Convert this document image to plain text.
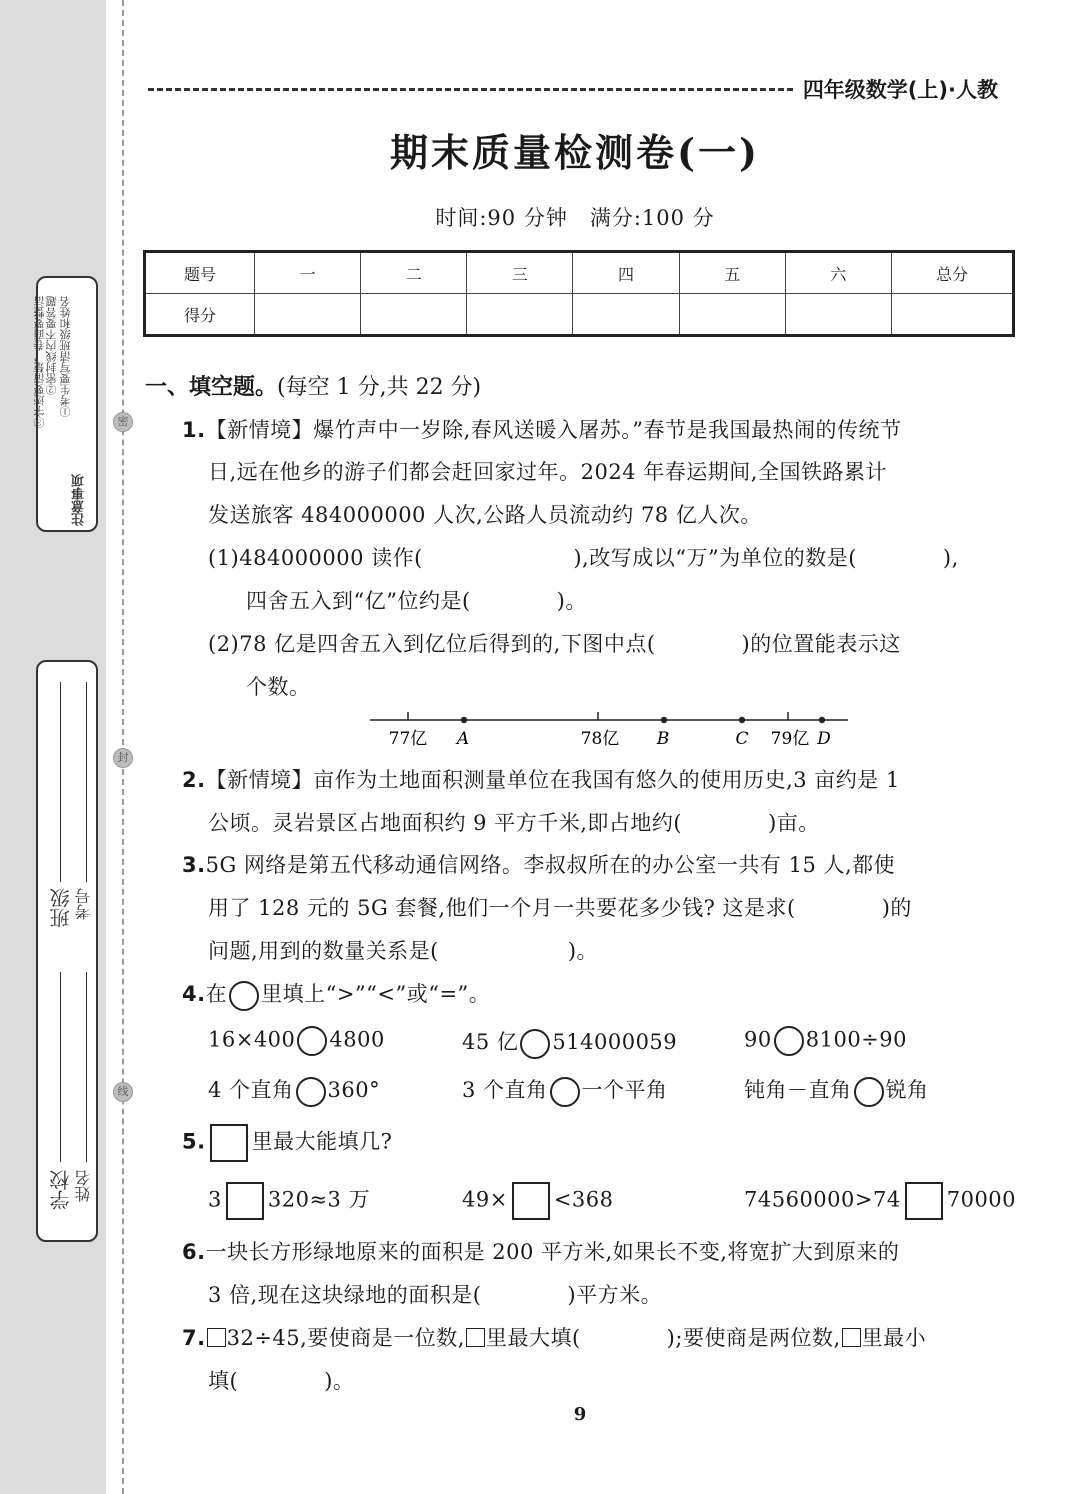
注意事项
①考生要写清班级和姓名
②密封线内不要答题
③字迹要清楚，卷面要整洁
班级 考号
学校 姓名
密
封
线
四年级数学(上)·人教
期末质量检测卷(一)
时间:90 分钟　满分:100 分
题号	一	二	三	四	五	六	总分
得分							
一、填空题。(每空 1 分,共 22 分)
1.【新情境】爆竹声中一岁除,春风送暖入屠苏。”春节是我国最热闹的传统节
日,远在他乡的游子们都会赶回家过年。2024 年春运期间,全国铁路累计
发送旅客 484000000 人次,公路人员流动约 78 亿人次。
(1)484000000 读作(　　　　　　　),改写成以“万”为单位的数是(　　　　),
四舍五入到“亿”位约是(　　　　)。
(2)78 亿是四舍五入到亿位后得到的,下图中点(　　　　)的位置能表示这
个数。
77亿	78亿	79亿
A	B	C	D
2.【新情境】亩作为土地面积测量单位在我国有悠久的使用历史,3 亩约是 1
公顷。灵岩景区占地面积约 9 平方千米,即占地约(　　　　)亩。
3.5G 网络是第五代移动通信网络。李叔叔所在的办公室一共有 15 人,都使
用了 128 元的 5G 套餐,他们一个月一共要花多少钱? 这是求(　　　　)的
问题,用到的数量关系是(　　　　　　)。
4.在 里填上“>”“<”或“=”。
16×400 4800	45 亿 514000059	90 8100÷90
4 个直角 360°	3 个直角 一个平角	钝角－直角 锐角
5. 里最大能填几?
3 320≈3 万	49× <368	74560000>74 70000
6.一块长方形绿地原来的面积是 200 平方米,如果长不变,将宽扩大到原来的
3 倍,现在这块绿地的面积是(　　　　)平方米。
7. 32÷45,要使商是一位数, 里最大填(　　　　);要使商是两位数, 里最小
填(　　　　)。
9
